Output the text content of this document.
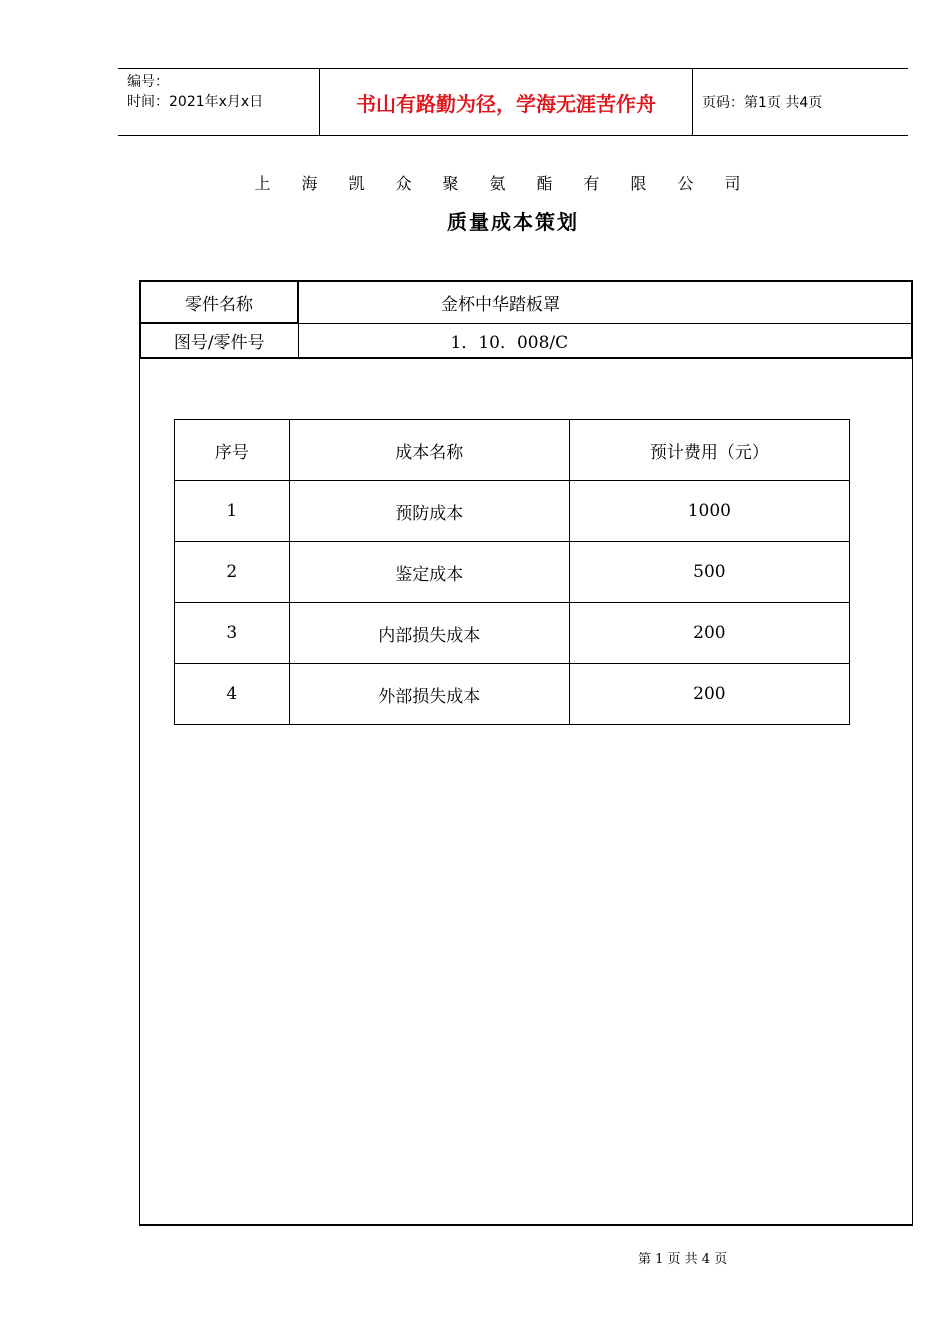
编号：
时间：2021年x月x日	书山有路勤为径，学海无涯苦作舟	页码：第1页 共4页
上海凯众聚氨酯有限公司
质量成本策划
零件名称	金杯中华踏板罩
图号/零件号	1．10．008/C
序号	成本名称	预计费用（元）
1	预防成本	1000
2	鉴定成本	500
3	内部损失成本	200
4	外部损失成本	200
第 1 页 共 4 页
